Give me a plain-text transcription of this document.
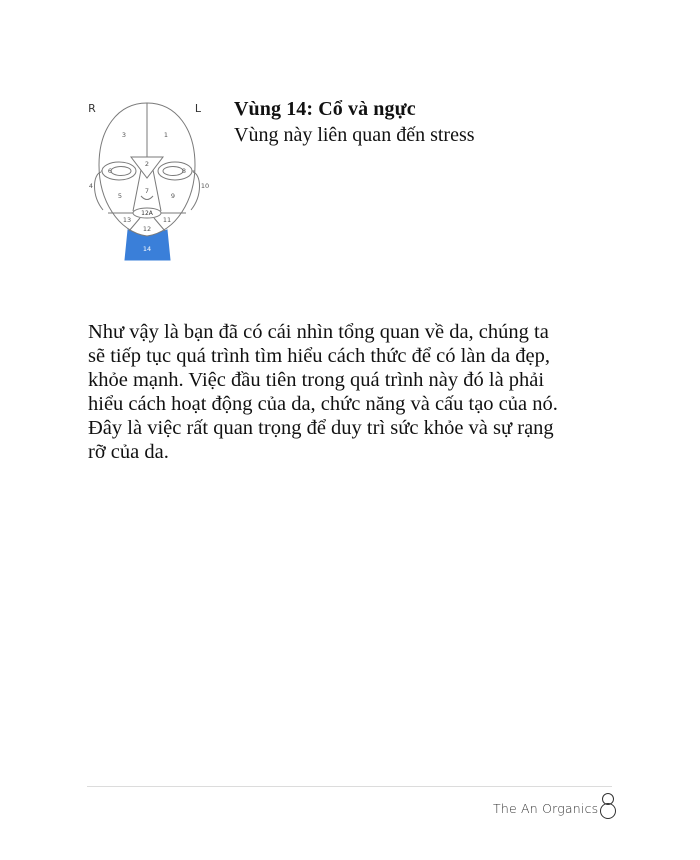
R	L
3	1
2
6	8
4	10
5
7
9
12A
13	11
12
14
Vùng 14: Cổ và ngực
Vùng này liên quan đến stress
Như vậy là bạn đã có cái nhìn tổng quan về da, chúng ta
sẽ tiếp tục quá trình tìm hiểu cách thức để có làn da đẹp,
khỏe mạnh. Việc đầu tiên trong quá trình này đó là phải
hiểu cách hoạt động của da, chức năng và cấu tạo của nó.
Đây là việc rất quan trọng để duy trì sức khỏe và sự rạng
rỡ của da.
The An Organics	8
